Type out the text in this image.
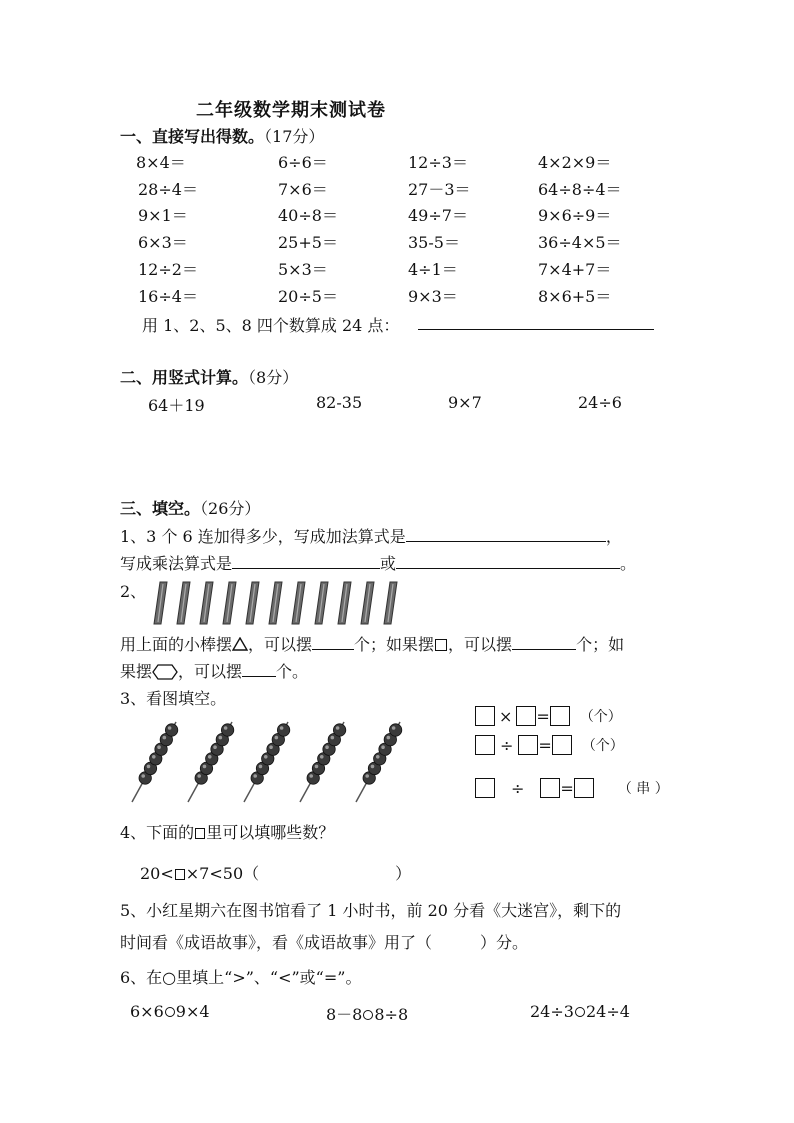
二年级数学期末测试卷
一、直接写出得数。（17分）
8×4＝	6÷6＝	12÷3＝	4×2×9＝
28÷4＝	7×6＝	27－3＝	64÷8÷4＝
9×1＝	40÷8＝	49÷7＝	9×6÷9＝
6×3＝	25+5＝	35-5＝	36÷4×5＝
12÷2＝	5×3＝	4÷1＝	7×4+7＝
16÷4＝	20÷5＝	9×3＝	8×6+5＝
用 1、2、5、8 四个数算成 24 点：
二、用竖式计算。（8分）
64＋19	82-35	9×7	24÷6
三、填空。（26分）
1、3 个 6 连加得多少，写成加法算式是	，
写成乘法算式是	或	。
2、
用上面的小棒摆 ，可以摆	个；如果摆 ，可以摆	个；如
果摆 ，可以摆 个。
3、看图填空。
× = （个）
÷ = （个）
÷ =	（ 串 ）
4、下面的 里可以填哪些数？
20< ×7<50（	）
5、小红星期六在图书馆看了 1 小时书，前 20 分看《大迷宫》，剩下的
时间看《成语故事》，看《成语故事》用了（　　　）分。
6、在○里填上“>”、“<”或“=”。
6×6 9×4	8－8 8÷8	24÷3 24÷4
